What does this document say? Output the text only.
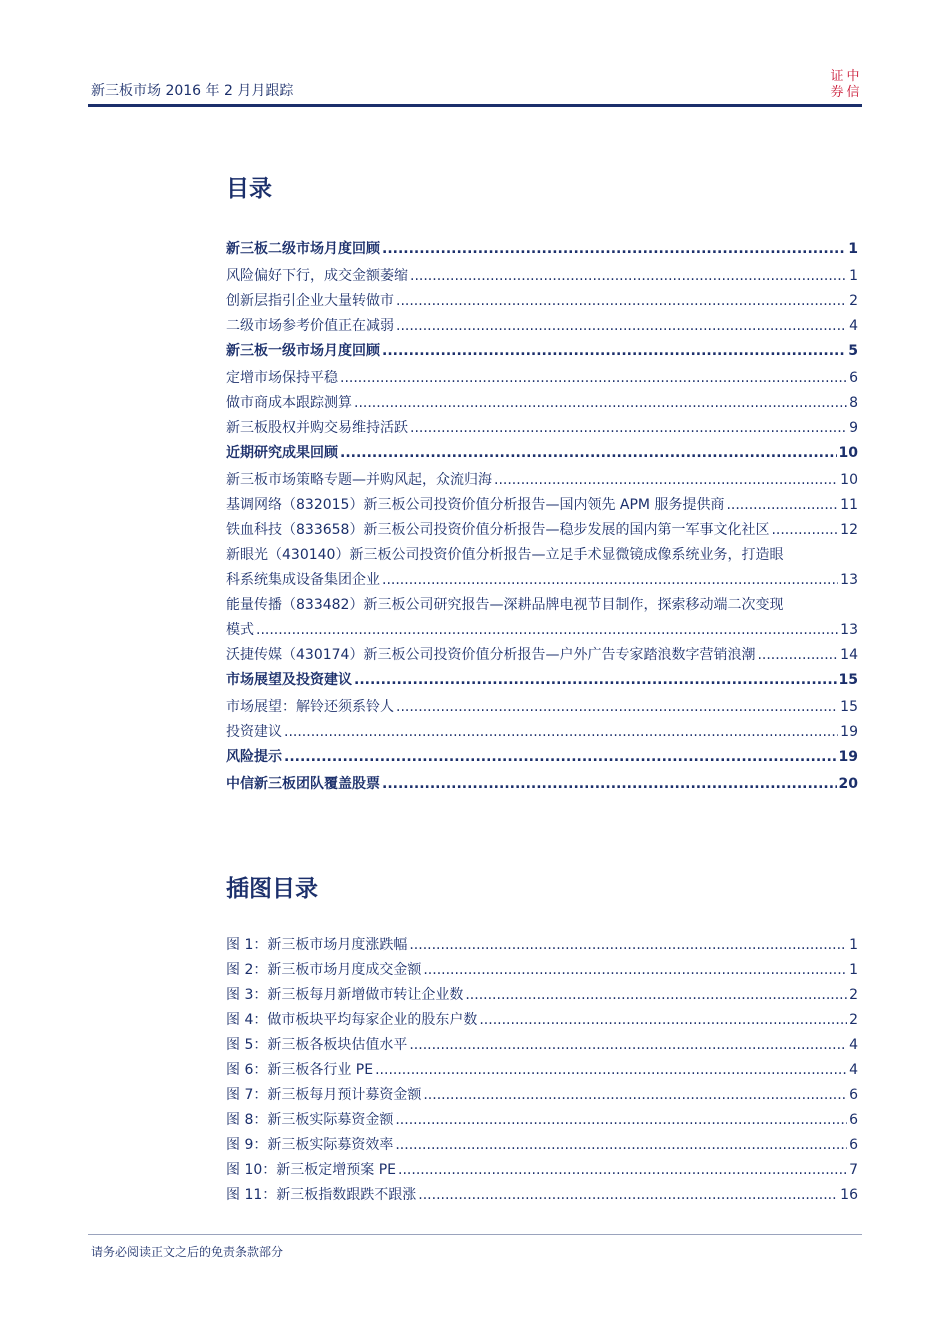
新三板市场 2016 年 2 月月跟踪
证 中
券 信
目录
新三板二级市场月度回顾 .....	1
风险偏好下行，成交金额萎缩 .....	1
创新层指引企业大量转做市 .....	2
二级市场参考价值正在减弱 .....	4
新三板一级市场月度回顾 .....	5
定增市场保持平稳 .....	6
做市商成本跟踪测算 .....	8
新三板股权并购交易维持活跃 .....	9
近期研究成果回顾 .....	10
新三板市场策略专题—并购风起，众流归海 .....	10
基调网络（832015）新三板公司投资价值分析报告—国内领先 APM 服务提供商 .....	11
铁血科技（833658）新三板公司投资价值分析报告—稳步发展的国内第一军事文化社区 .....	12
新眼光（430140）新三板公司投资价值分析报告—立足手术显微镜成像系统业务，打造眼
科系统集成设备集团企业 .....	13
能量传播（833482）新三板公司研究报告—深耕品牌电视节目制作，探索移动端二次变现
模式 .....	13
沃捷传媒（430174）新三板公司投资价值分析报告—户外广告专家踏浪数字营销浪潮 .....	14
市场展望及投资建议 .....	15
市场展望：解铃还须系铃人 .....	15
投资建议 .....	19
风险提示 .....	19
中信新三板团队覆盖股票 .....	20
插图目录
图 1：新三板市场月度涨跌幅 .....	1
图 2：新三板市场月度成交金额 .....	1
图 3：新三板每月新增做市转让企业数 .....	2
图 4：做市板块平均每家企业的股东户数 .....	2
图 5：新三板各板块估值水平 .....	4
图 6：新三板各行业 PE .....	4
图 7：新三板每月预计募资金额 .....	6
图 8：新三板实际募资金额 .....	6
图 9：新三板实际募资效率 .....	6
图 10：新三板定增预案 PE .....	7
图 11：新三板指数跟跌不跟涨 .....	16
请务必阅读正文之后的免责条款部分
